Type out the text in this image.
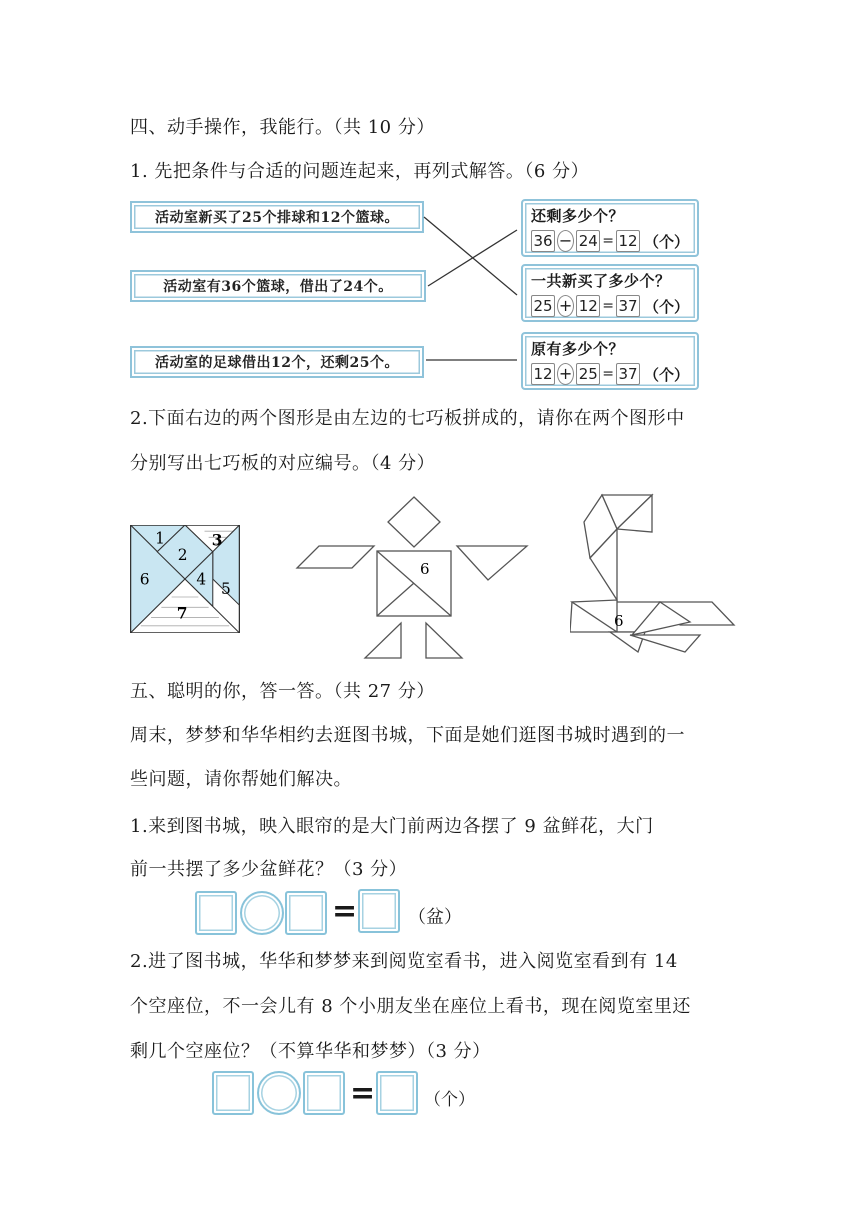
四、动手操作，我能行。（共 10 分）
1. 先把条件与合适的问题连起来，再列式解答。（6 分）
活动室新买了25个排球和12个篮球。
活动室有36个篮球，借出了24个。
活动室的足球借出12个，还剩25个。
还剩多少个？
36 − 24 = 12 （个）
一共新买了多少个？
25 + 12 = 37 （个）
原有多少个？
12 + 25 = 37 （个）
2.下面右边的两个图形是由左边的七巧板拼成的，请你在两个图形中
分别写出七巧板的对应编号。（4 分）
1
2
3
4
6
5
7
6
6
五、聪明的你，答一答。（共 27 分）
周末，梦梦和华华相约去逛图书城，下面是她们逛图书城时遇到的一
些问题，请你帮她们解决。
1.来到图书城，映入眼帘的是大门前两边各摆了 9 盆鲜花，大门
前一共摆了多少盆鲜花？（3 分）
=	（盆）
2.进了图书城，华华和梦梦来到阅览室看书，进入阅览室看到有 14
个空座位，不一会儿有 8 个小朋友坐在座位上看书，现在阅览室里还
剩几个空座位？（不算华华和梦梦）（3 分）
=	（个）
